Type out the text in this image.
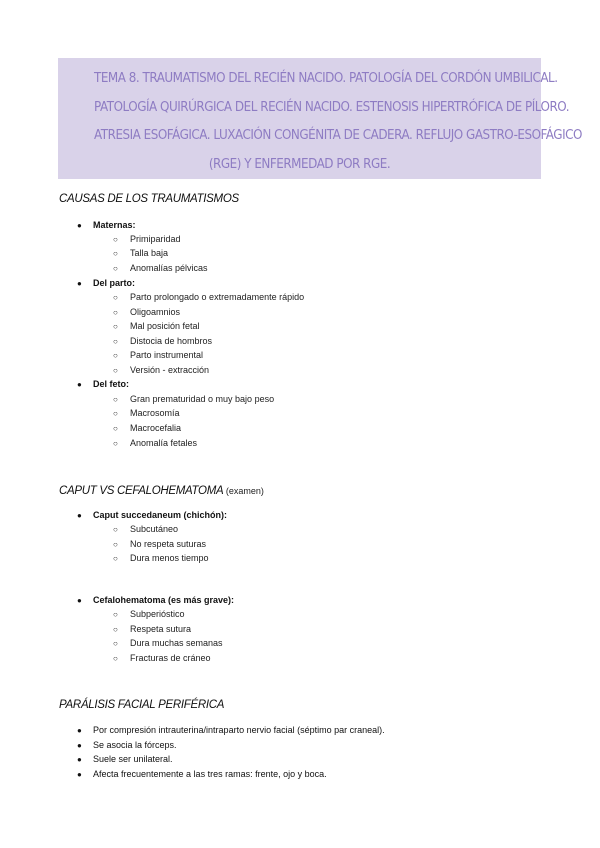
TEMA 8. TRAUMATISMO DEL RECIÉN NACIDO. PATOLOGÍA DEL CORDÓN UMBILICAL.
PATOLOGÍA QUIRÚRGICA DEL RECIÉN NACIDO. ESTENOSIS HIPERTRÓFICA DE PÍLORO.
ATRESIA ESOFÁGICA. LUXACIÓN CONGÉNITA DE CADERA. REFLUJO GASTRO-ESOFÁGICO
(RGE) Y ENFERMEDAD POR RGE.
CAUSAS DE LOS TRAUMATISMOS
● Maternas:
○ Primiparidad
○ Talla baja
○ Anomalías pélvicas
● Del parto:
○ Parto prolongado o extremadamente rápido
○ Oligoamnios
○ Mal posición fetal
○ Distocia de hombros
○ Parto instrumental
○ Versión - extracción
● Del feto:
○ Gran prematuridad o muy bajo peso
○ Macrosomía
○ Macrocefalia
○ Anomalía fetales
CAPUT VS CEFALOHEMATOMA (examen)
● Caput succedaneum (chichón):
○ Subcutáneo
○ No respeta suturas
○ Dura menos tiempo
● Cefalohematoma (es más grave):
○ Subperióstico
○ Respeta sutura
○ Dura muchas semanas
○ Fracturas de cráneo
PARÁLISIS FACIAL PERIFÉRICA
● Por compresión intrauterina/intraparto nervio facial (séptimo par craneal).
● Se asocia la fórceps.
● Suele ser unilateral.
● Afecta frecuentemente a las tres ramas: frente, ojo y boca.
